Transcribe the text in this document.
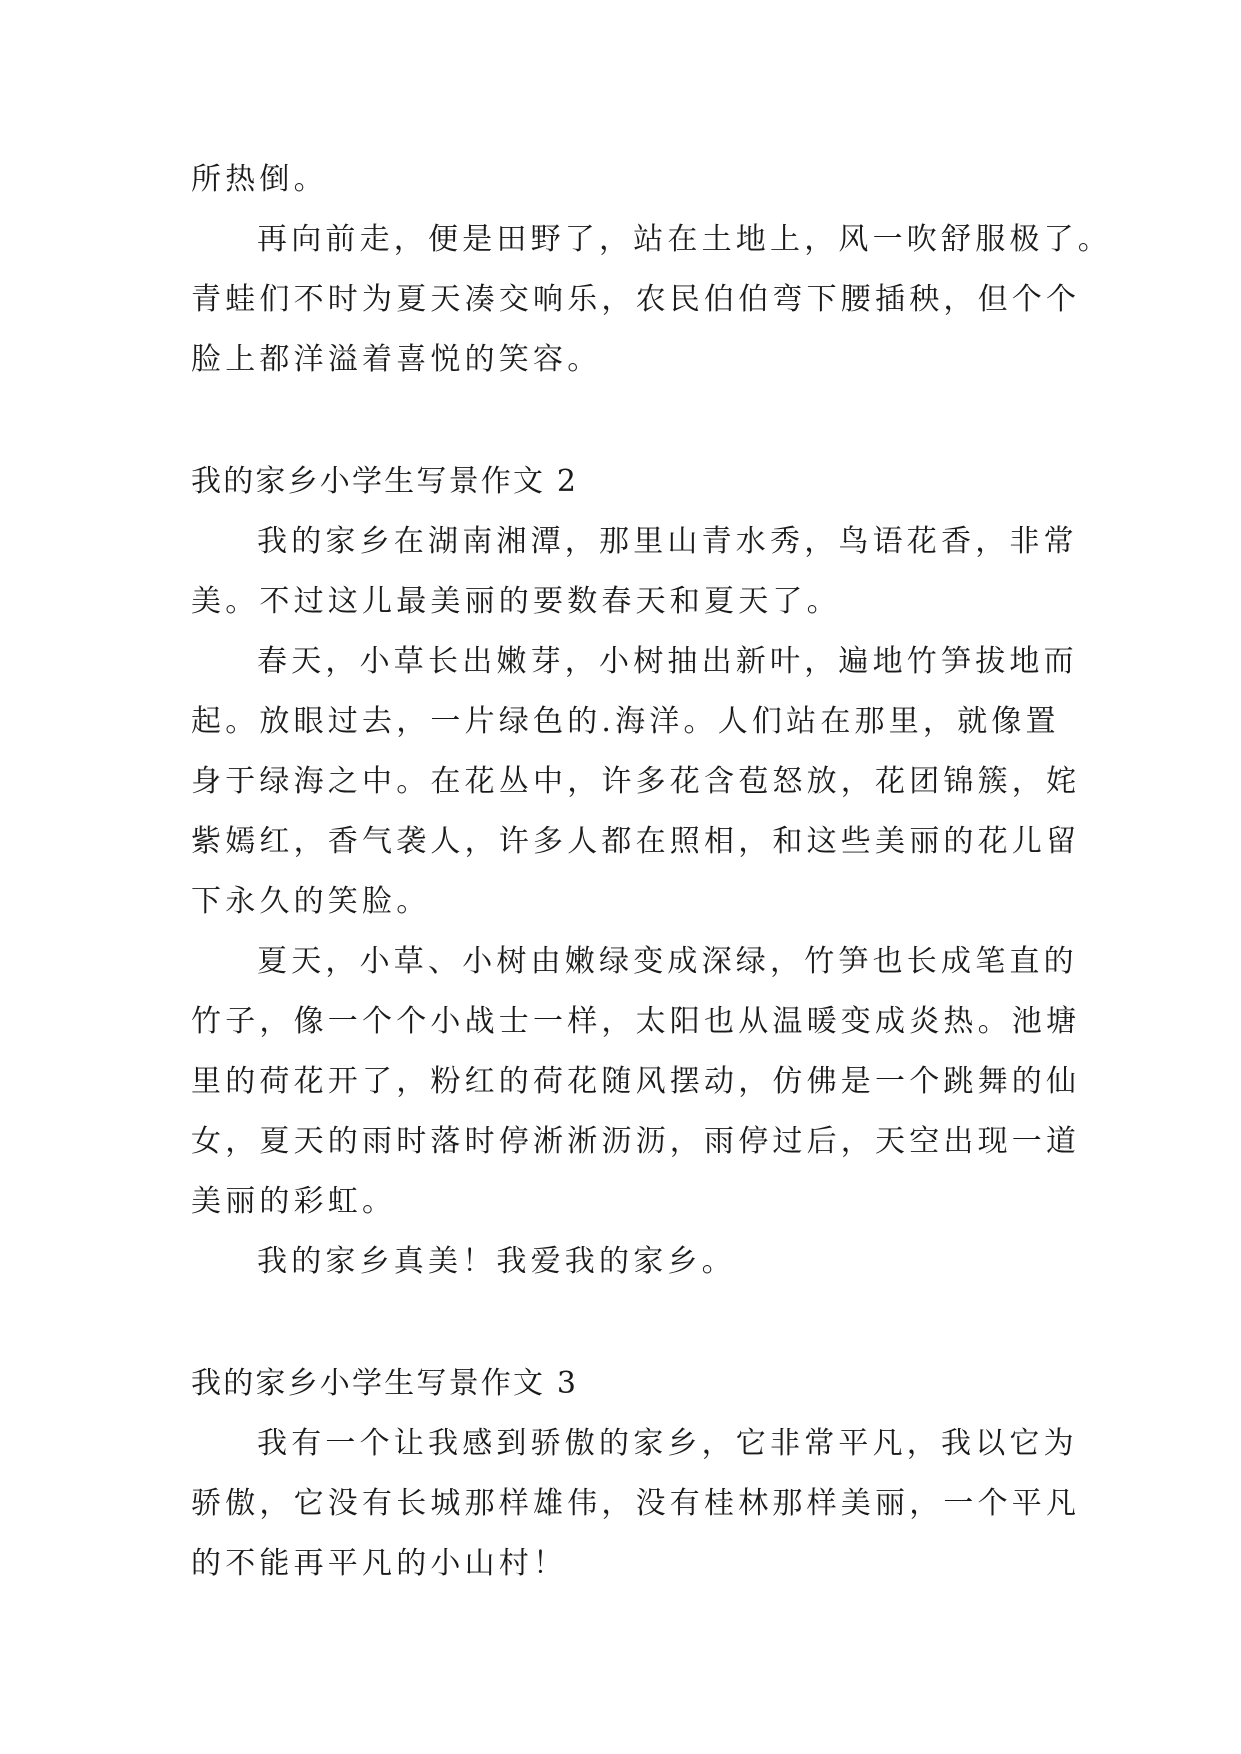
所热倒。
再向前走，便是田野了，站在土地上，风一吹舒服极了。
青蛙们不时为夏天凑交响乐，农民伯伯弯下腰插秧，但个个
脸上都洋溢着喜悦的笑容。
我的家乡小学生写景作文 2
我的家乡在湖南湘潭，那里山青水秀，鸟语花香，非常
美。不过这儿最美丽的要数春天和夏天了。
春天，小草长出嫩芽，小树抽出新叶，遍地竹笋拔地而
起。放眼过去，一片绿色的.海洋。人们站在那里，就像置
身于绿海之中。在花丛中，许多花含苞怒放，花团锦簇，姹
紫嫣红，香气袭人，许多人都在照相，和这些美丽的花儿留
下永久的笑脸。
夏天，小草、小树由嫩绿变成深绿，竹笋也长成笔直的
竹子，像一个个小战士一样，太阳也从温暖变成炎热。池塘
里的荷花开了，粉红的荷花随风摆动，仿佛是一个跳舞的仙
女，夏天的雨时落时停淅淅沥沥，雨停过后，天空出现一道
美丽的彩虹。
我的家乡真美！我爱我的家乡。
我的家乡小学生写景作文 3
我有一个让我感到骄傲的家乡，它非常平凡，我以它为
骄傲，它没有长城那样雄伟，没有桂林那样美丽，一个平凡
的不能再平凡的小山村！
